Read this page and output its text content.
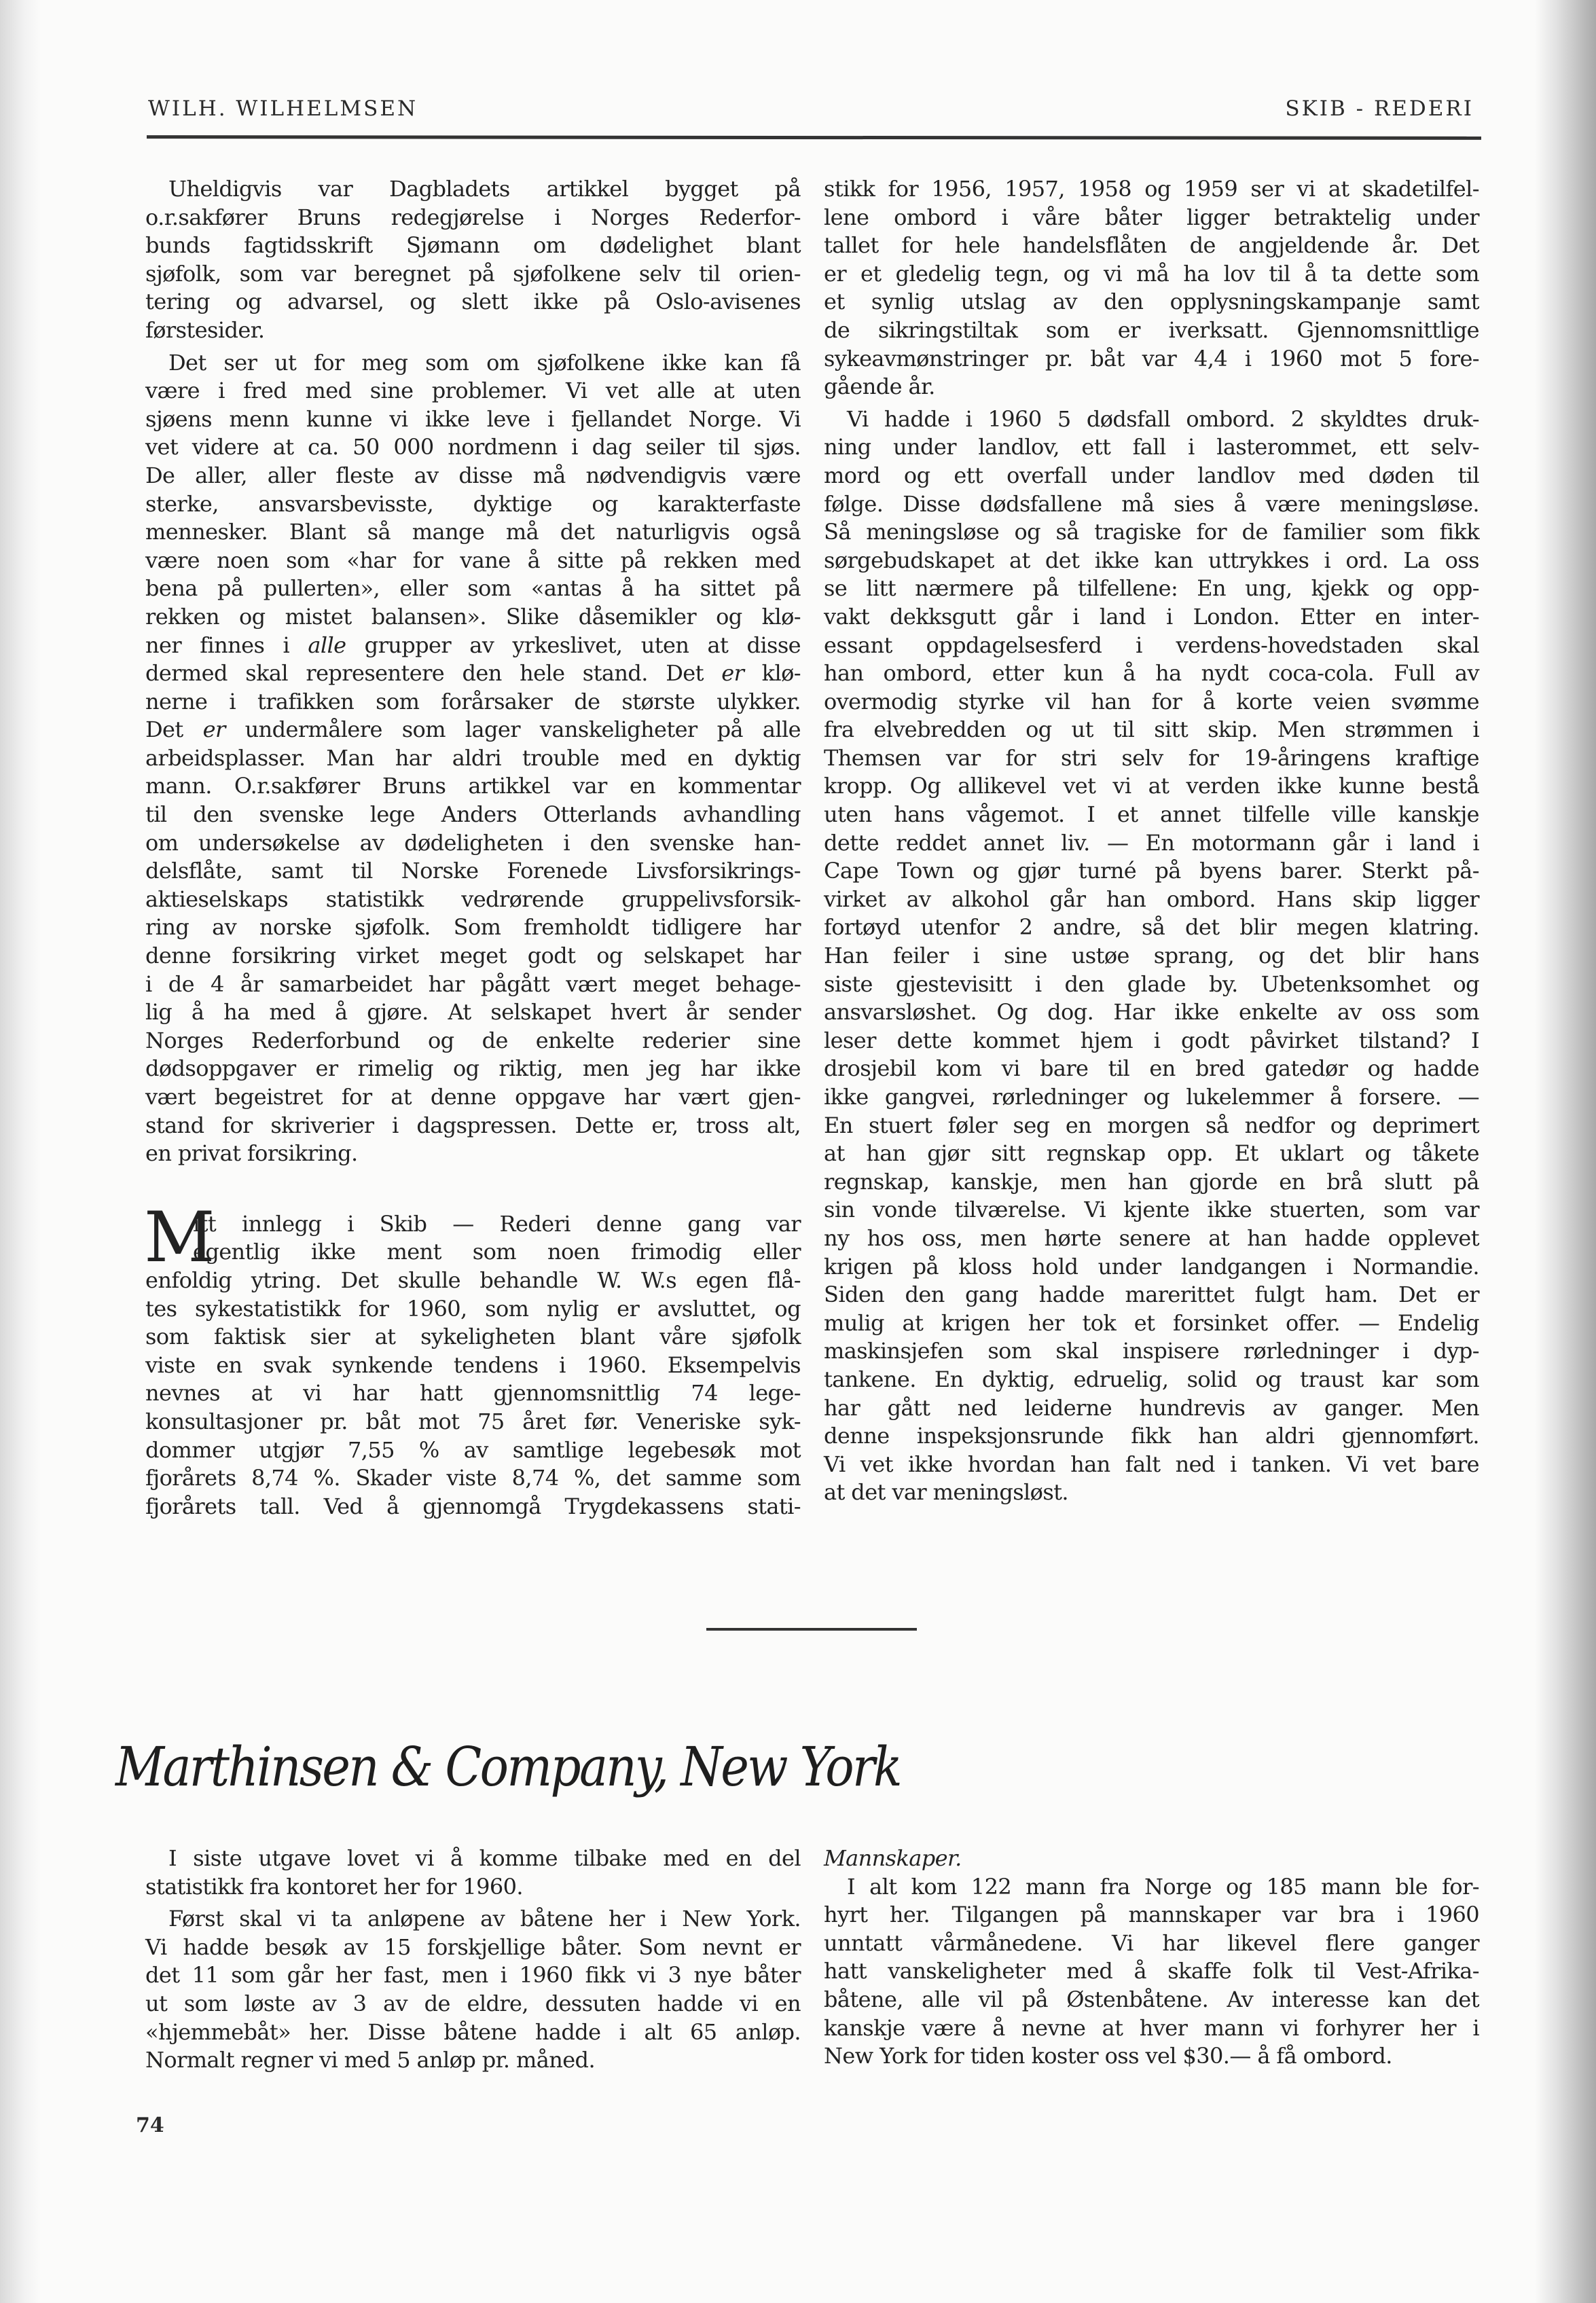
WILH. WILHELMSEN	SKIB - REDERI
Uheldigvis var Dagbladets artikkel bygget på
o.r.sakfører Bruns redegjørelse i Norges Rederfor-
bunds fagtidsskrift Sjømann om dødelighet blant
sjøfolk, som var beregnet på sjøfolkene selv til orien-
tering og advarsel, og slett ikke på Oslo-avisenes
førstesider.
Det ser ut for meg som om sjøfolkene ikke kan få
være i fred med sine problemer. Vi vet alle at uten
sjøens menn kunne vi ikke leve i fjellandet Norge. Vi
vet videre at ca. 50 000 nordmenn i dag seiler til sjøs.
De aller, aller fleste av disse må nødvendigvis være
sterke, ansvarsbevisste, dyktige og karakterfaste
mennesker. Blant så mange må det naturligvis også
være noen som «har for vane å sitte på rekken med
bena på pullerten», eller som «antas å ha sittet på
rekken og mistet balansen». Slike dåsemikler og klø-
ner finnes i alle grupper av yrkeslivet, uten at disse
dermed skal representere den hele stand. Det er klø-
nerne i trafikken som forårsaker de største ulykker.
Det er undermålere som lager vanskeligheter på alle
arbeidsplasser. Man har aldri trouble med en dyktig
mann. O.r.sakfører Bruns artikkel var en kommentar
til den svenske lege Anders Otterlands avhandling
om undersøkelse av dødeligheten i den svenske han-
delsflåte, samt til Norske Forenede Livsforsikrings-
aktieselskaps statistikk vedrørende gruppelivsforsik-
ring av norske sjøfolk. Som fremholdt tidligere har
denne forsikring virket meget godt og selskapet har
i de 4 år samarbeidet har pågått vært meget behage-
lig å ha med å gjøre. At selskapet hvert år sender
Norges Rederforbund og de enkelte rederier sine
dødsoppgaver er rimelig og riktig, men jeg har ikke
vært begeistret for at denne oppgave har vært gjen-
stand for skriverier i dagspressen. Dette er, tross alt,
en privat forsikring.
M
itt innlegg i Skib — Rederi denne gang var
egentlig ikke ment som noen frimodig eller
enfoldig ytring. Det skulle behandle W. W.s egen flå-
tes sykestatistikk for 1960, som nylig er avsluttet, og
som faktisk sier at sykeligheten blant våre sjøfolk
viste en svak synkende tendens i 1960. Eksempelvis
nevnes at vi har hatt gjennomsnittlig 74 lege-
konsultasjoner pr. båt mot 75 året før. Veneriske syk-
dommer utgjør 7,55 % av samtlige legebesøk mot
fjorårets 8,74 %. Skader viste 8,74 %, det samme som
fjorårets tall. Ved å gjennomgå Trygdekassens stati-
stikk for 1956, 1957, 1958 og 1959 ser vi at skadetilfel-
lene ombord i våre båter ligger betraktelig under
tallet for hele handelsflåten de angjeldende år. Det
er et gledelig tegn, og vi må ha lov til å ta dette som
et synlig utslag av den opplysningskampanje samt
de sikringstiltak som er iverksatt. Gjennomsnittlige
sykeavmønstringer pr. båt var 4,4 i 1960 mot 5 fore-
gående år.
Vi hadde i 1960 5 dødsfall ombord. 2 skyldtes druk-
ning under landlov, ett fall i lasterommet, ett selv-
mord og ett overfall under landlov med døden til
følge. Disse dødsfallene må sies å være meningsløse.
Så meningsløse og så tragiske for de familier som fikk
sørgebudskapet at det ikke kan uttrykkes i ord. La oss
se litt nærmere på tilfellene: En ung, kjekk og opp-
vakt dekksgutt går i land i London. Etter en inter-
essant oppdagelsesferd i verdens-hovedstaden skal
han ombord, etter kun å ha nydt coca-cola. Full av
overmodig styrke vil han for å korte veien svømme
fra elvebredden og ut til sitt skip. Men strømmen i
Themsen var for stri selv for 19-åringens kraftige
kropp. Og allikevel vet vi at verden ikke kunne bestå
uten hans vågemot. I et annet tilfelle ville kanskje
dette reddet annet liv. — En motormann går i land i
Cape Town og gjør turné på byens barer. Sterkt på-
virket av alkohol går han ombord. Hans skip ligger
fortøyd utenfor 2 andre, så det blir megen klatring.
Han feiler i sine ustøe sprang, og det blir hans
siste gjestevisitt i den glade by. Ubetenksomhet og
ansvarsløshet. Og dog. Har ikke enkelte av oss som
leser dette kommet hjem i godt påvirket tilstand? I
drosjebil kom vi bare til en bred gatedør og hadde
ikke gangvei, rørledninger og lukelemmer å forsere. —
En stuert føler seg en morgen så nedfor og deprimert
at han gjør sitt regnskap opp. Et uklart og tåkete
regnskap, kanskje, men han gjorde en brå slutt på
sin vonde tilværelse. Vi kjente ikke stuerten, som var
ny hos oss, men hørte senere at han hadde opplevet
krigen på kloss hold under landgangen i Normandie.
Siden den gang hadde marerittet fulgt ham. Det er
mulig at krigen her tok et forsinket offer. — Endelig
maskinsjefen som skal inspisere rørledninger i dyp-
tankene. En dyktig, edruelig, solid og traust kar som
har gått ned leiderne hundrevis av ganger. Men
denne inspeksjonsrunde fikk han aldri gjennomført.
Vi vet ikke hvordan han falt ned i tanken. Vi vet bare
at det var meningsløst.
Marthinsen & Company, New York
I siste utgave lovet vi å komme tilbake med en del
statistikk fra kontoret her for 1960.
Først skal vi ta anløpene av båtene her i New York.
Vi hadde besøk av 15 forskjellige båter. Som nevnt er
det 11 som går her fast, men i 1960 fikk vi 3 nye båter
ut som løste av 3 av de eldre, dessuten hadde vi en
«hjemmebåt» her. Disse båtene hadde i alt 65 anløp.
Normalt regner vi med 5 anløp pr. måned.
Mannskaper.
I alt kom 122 mann fra Norge og 185 mann ble for-
hyrt her. Tilgangen på mannskaper var bra i 1960
unntatt vårmånedene. Vi har likevel flere ganger
hatt vanskeligheter med å skaffe folk til Vest-Afrika-
båtene, alle vil på Østenbåtene. Av interesse kan det
kanskje være å nevne at hver mann vi forhyrer her i
New York for tiden koster oss vel $30.— å få ombord.
74
